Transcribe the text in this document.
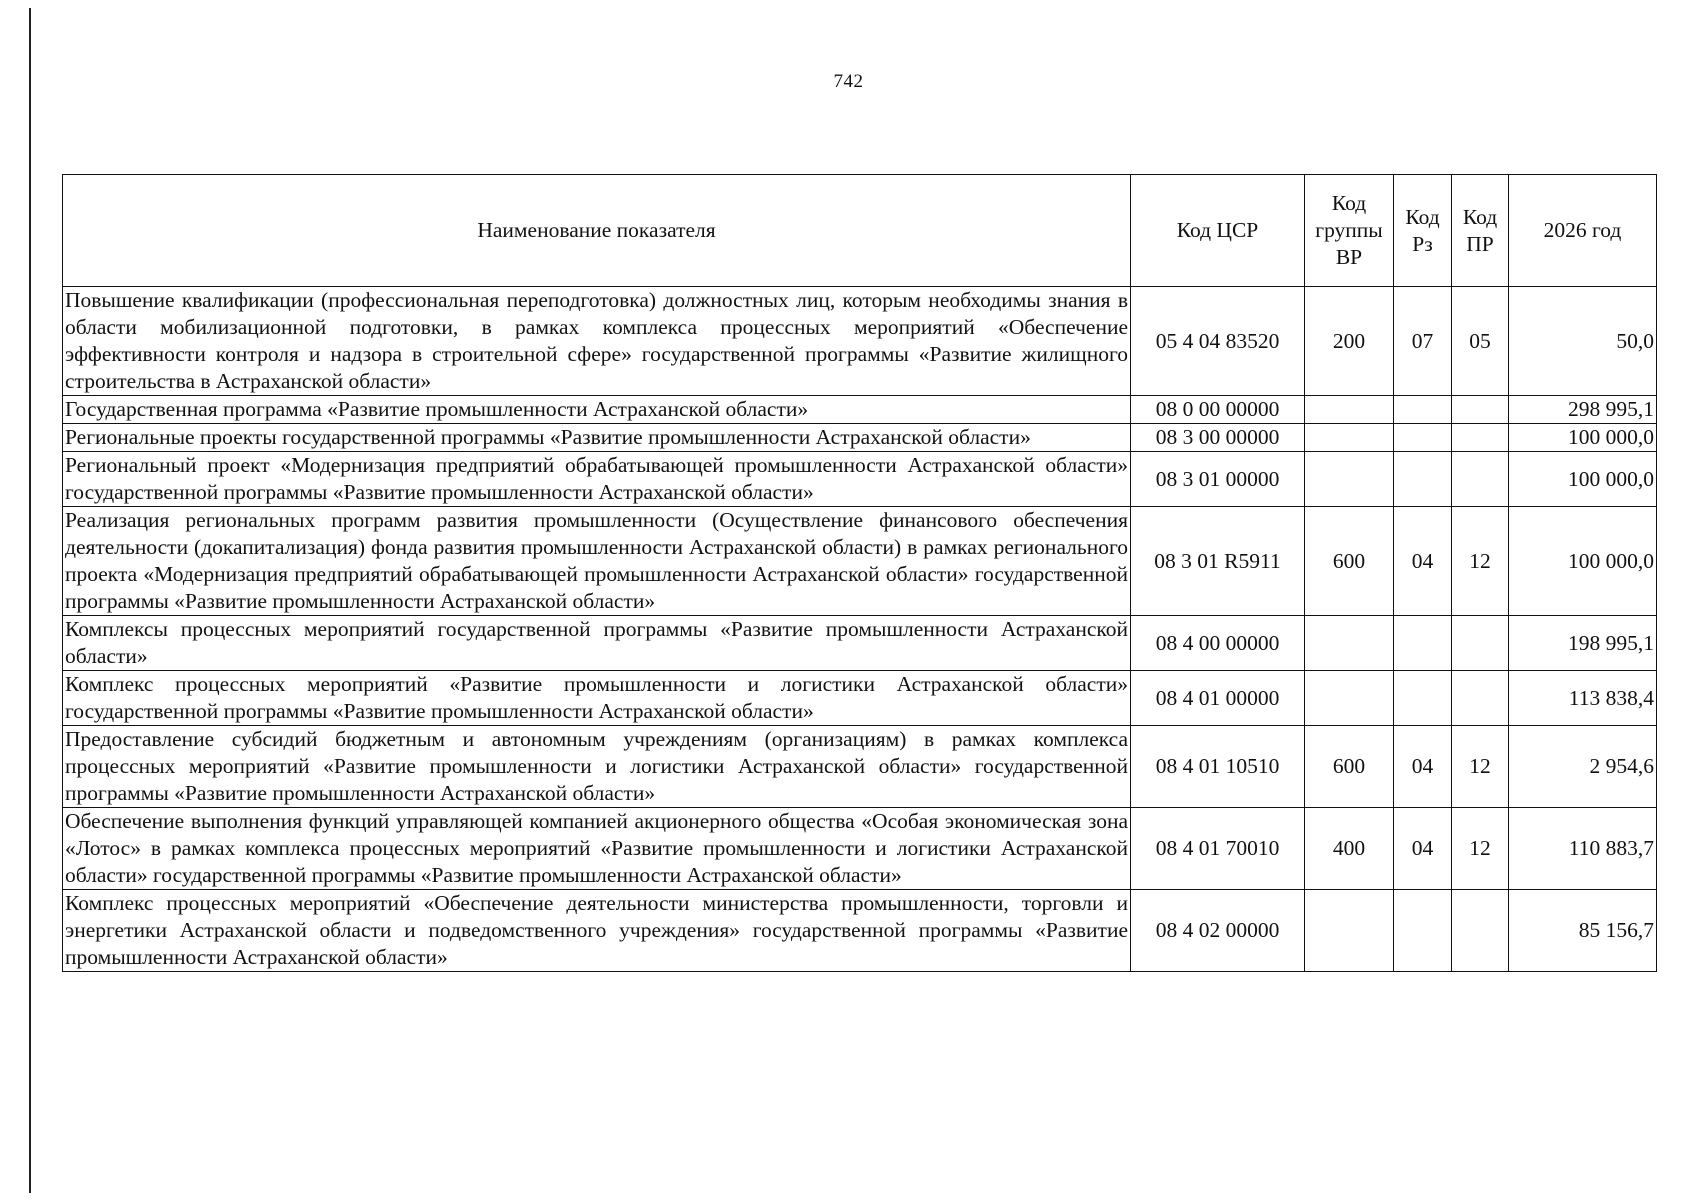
742
Наименование показателя	Код ЦСР	Код группы ВР	Код Рз	Код ПР	2026 год
Повышение квалификации (профессиональная переподготовка) должностных лиц, которым необходимы знания в области мобилизационной подготовки, в рамках комплекса процессных мероприятий «Обеспечение эффективности контроля и надзора в строительной сфере» государственной программы «Развитие жилищного строительства в Астраханской области»	05 4 04 83520	200	07	05	50,0
Государственная программа «Развитие промышленности Астраханской области»	08 0 00 00000				298 995,1
Региональные проекты государственной программы «Развитие промышленности Астраханской области»	08 3 00 00000				100 000,0
Региональный проект «Модернизация предприятий обрабатывающей промышленности Астраханской области» государственной программы «Развитие промышленности Астраханской области»	08 3 01 00000				100 000,0
Реализация региональных программ развития промышленности (Осуществление финансового обеспечения деятельности (докапитализация) фонда развития промышленности Астраханской области) в рамках регионального проекта «Модернизация предприятий обрабатывающей промышленности Астраханской области» государственной программы «Развитие промышленности Астраханской области»	08 3 01 R5911	600	04	12	100 000,0
Комплексы процессных мероприятий государственной программы «Развитие промышленности Астраханской области»	08 4 00 00000				198 995,1
Комплекс процессных мероприятий «Развитие промышленности и логистики Астраханской области» государственной программы «Развитие промышленности Астраханской области»	08 4 01 00000				113 838,4
Предоставление субсидий бюджетным и автономным учреждениям (организациям) в рамках комплекса процессных мероприятий «Развитие промышленности и логистики Астраханской области» государственной программы «Развитие промышленности Астраханской области»	08 4 01 10510	600	04	12	2 954,6
Обеспечение выполнения функций управляющей компанией акционерного общества «Особая экономическая зона «Лотос» в рамках комплекса процессных мероприятий «Развитие промышленности и логистики Астраханской области» государственной программы «Развитие промышленности Астраханской области»	08 4 01 70010	400	04	12	110 883,7
Комплекс процессных мероприятий «Обеспечение деятельности министерства промышленности, торговли и энергетики Астраханской области и подведомственного учреждения» государственной программы «Развитие промышленности Астраханской области»	08 4 02 00000				85 156,7
